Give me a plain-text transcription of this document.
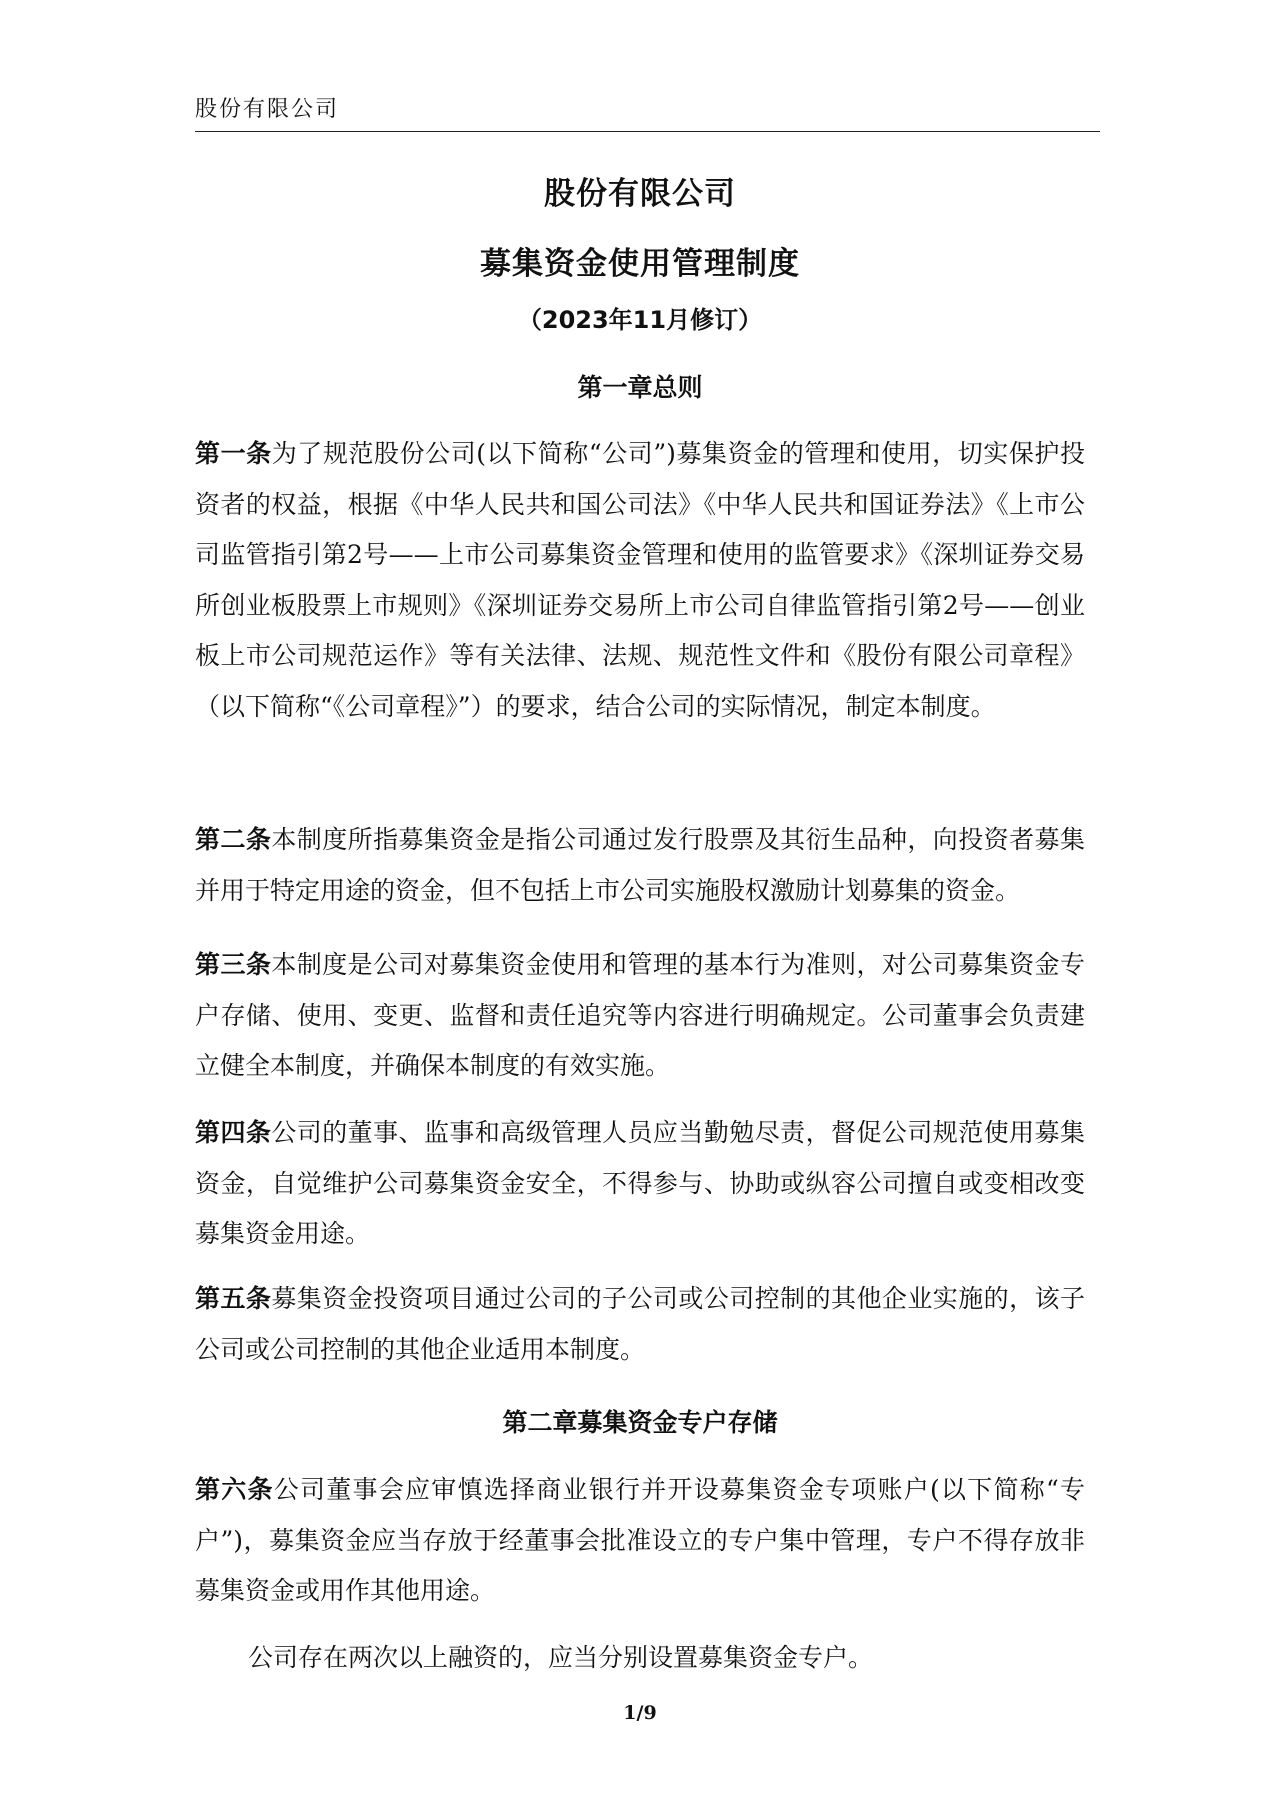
股份有限公司
股份有限公司
募集资金使用管理制度
（2023年11月修订）
第一章总则
第一条为了规范股份公司(以下简称“公司”)募集资金的管理和使用，切实保护投资者的权益，根据《中华人民共和国公司法》《中华人民共和国证券法》《上市公司监管指引第2号——上市公司募集资金管理和使用的监管要求》《深圳证券交易所创业板股票上市规则》《深圳证券交易所上市公司自律监管指引第2号——创业板上市公司规范运作》等有关法律、法规、规范性文件和《股份有限公司章程》（以下简称“《公司章程》”）的要求，结合公司的实际情况，制定本制度。
第二条本制度所指募集资金是指公司通过发行股票及其衍生品种，向投资者募集并用于特定用途的资金，但不包括上市公司实施股权激励计划募集的资金。
第三条本制度是公司对募集资金使用和管理的基本行为准则，对公司募集资金专户存储、使用、变更、监督和责任追究等内容进行明确规定。公司董事会负责建立健全本制度，并确保本制度的有效实施。
第四条公司的董事、监事和高级管理人员应当勤勉尽责，督促公司规范使用募集资金，自觉维护公司募集资金安全，不得参与、协助或纵容公司擅自或变相改变募集资金用途。
第五条募集资金投资项目通过公司的子公司或公司控制的其他企业实施的，该子公司或公司控制的其他企业适用本制度。
第二章募集资金专户存储
第六条公司董事会应审慎选择商业银行并开设募集资金专项账户(以下简称“专户”)，募集资金应当存放于经董事会批准设立的专户集中管理，专户不得存放非募集资金或用作其他用途。
公司存在两次以上融资的，应当分别设置募集资金专户。
1/9
